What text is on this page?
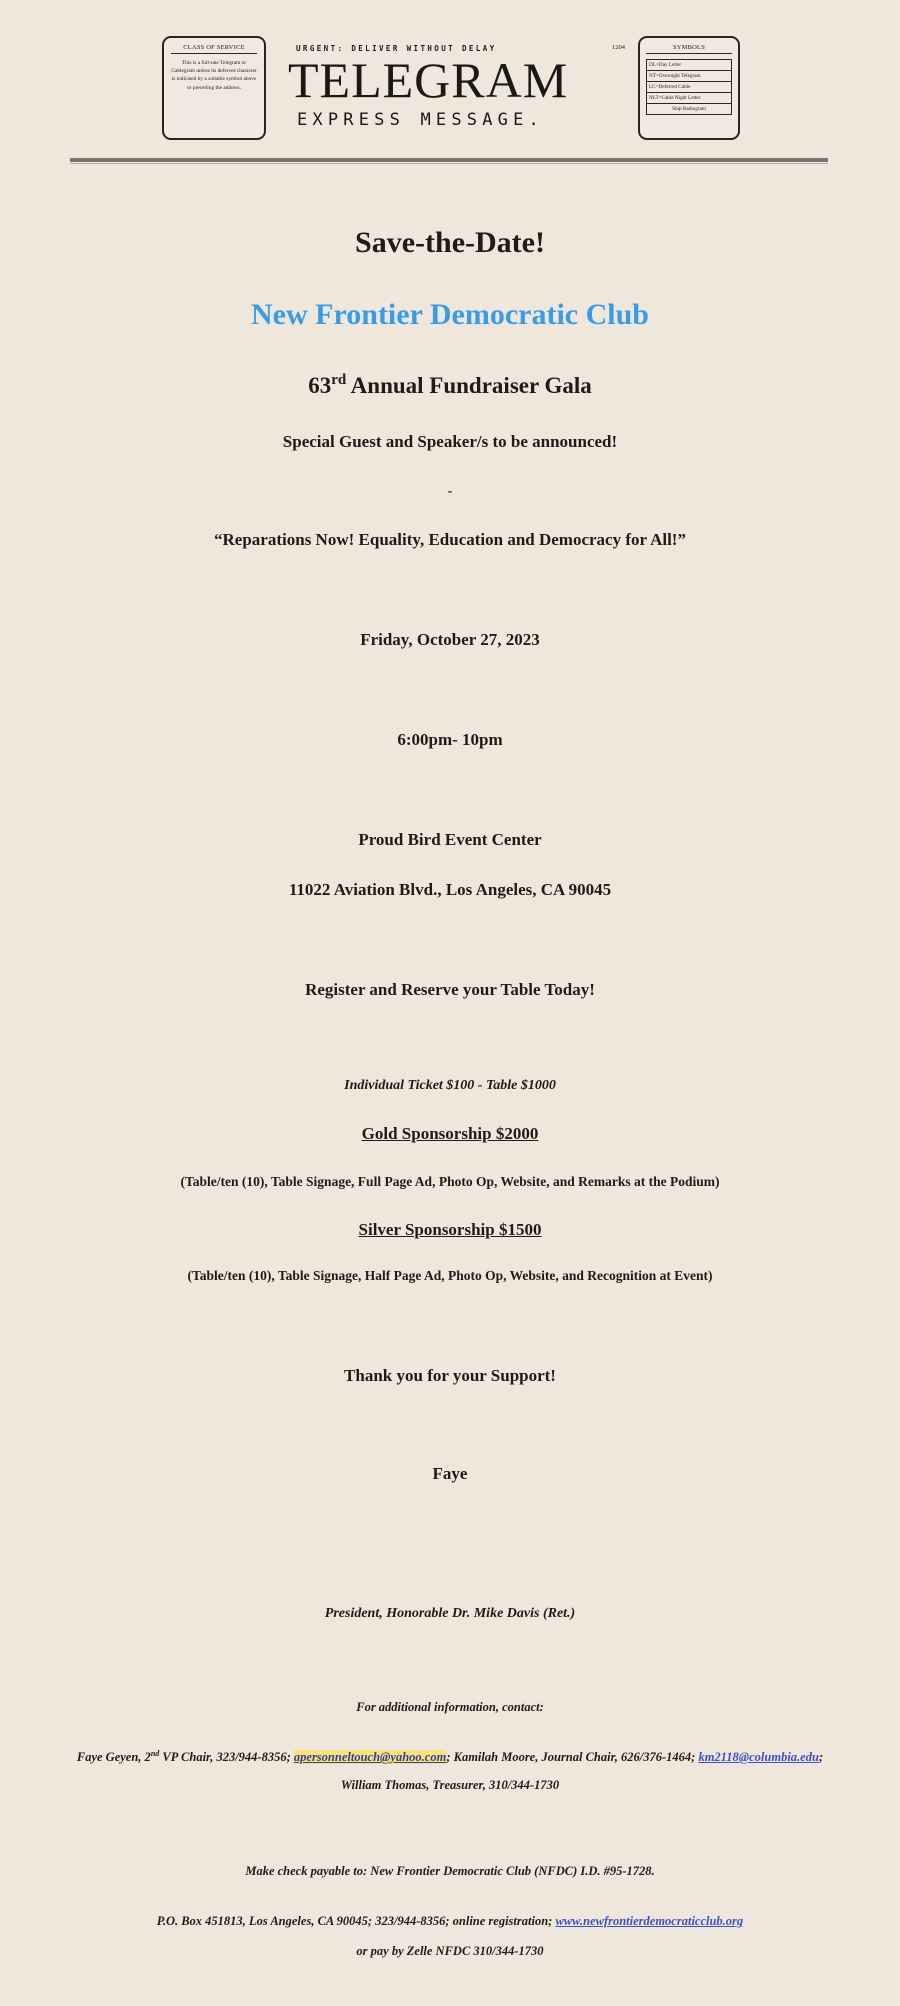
CLASS OF SERVICE
This is a full-rate Telegram or Cablegram unless its deferred character is indicated by a suitable symbol above or preceding the address.
URGENT: DELIVER WITHOUT DELAY	1204
TELEGRAM
EXPRESS MESSAGE.
SYMBOLS
DL=Day Letter
NT=Overnight Telegram
LC=Deferred Cable
NLT=Cable Night Letter
Ship Radiogram
Save-the-Date!
New Frontier Democratic Club
63rd Annual Fundraiser Gala
Special Guest and Speaker/s to be announced!
-
“Reparations Now! Equality, Education and Democracy for All!”
Friday, October 27, 2023
6:00pm- 10pm
Proud Bird Event Center
11022 Aviation Blvd., Los Angeles, CA 90045
Register and Reserve your Table Today!
Individual Ticket $100 - Table $1000
Gold Sponsorship $2000
(Table/ten (10), Table Signage, Full Page Ad, Photo Op, Website, and Remarks at the Podium)
Silver Sponsorship $1500
(Table/ten (10), Table Signage, Half Page Ad, Photo Op, Website, and Recognition at Event)
Thank you for your Support!
Faye
President, Honorable Dr. Mike Davis (Ret.)
For additional information, contact:
Faye Geyen, 2nd VP Chair, 323/944-8356; apersonneltouch@yahoo.com; Kamilah Moore, Journal Chair, 626/376-1464; km2118@columbia.edu; William Thomas, Treasurer, 310/344-1730
Make check payable to: New Frontier Democratic Club (NFDC) I.D. #95-1728.
P.O. Box 451813, Los Angeles, CA 90045; 323/944-8356; online registration; www.newfrontierdemocraticclub.org
or pay by Zelle NFDC 310/344-1730
